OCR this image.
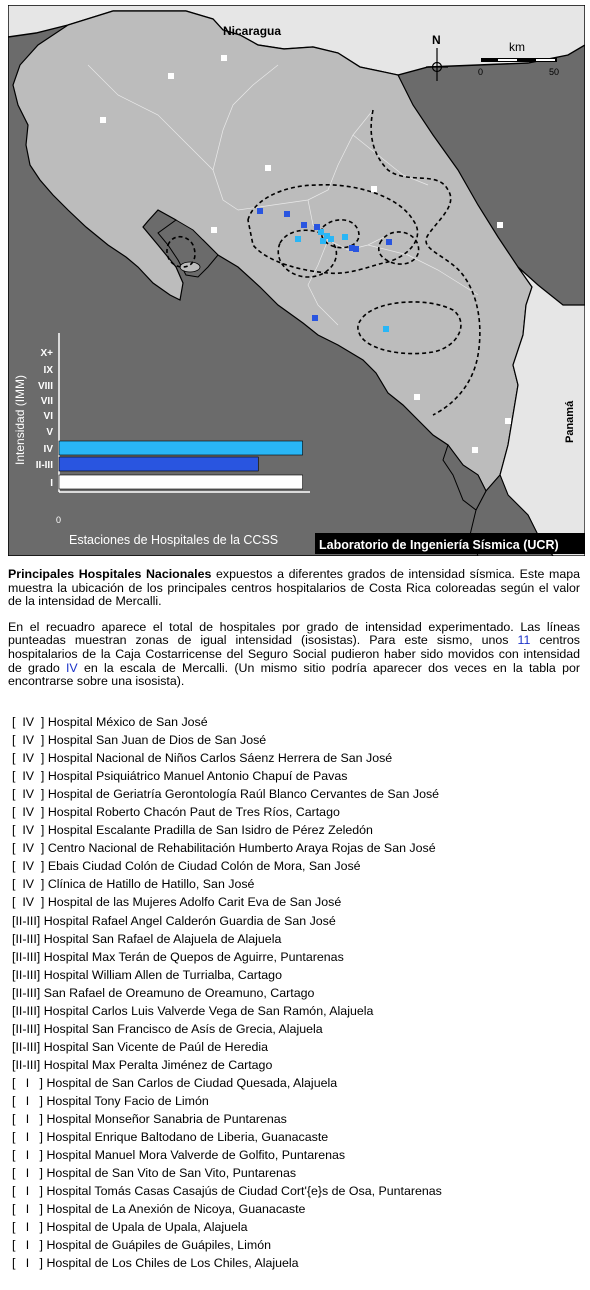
Nicaragua
Panamá
N	km
0	50
0
Intensidad (IMM)
Estaciones de Hospitales de la CCSS
X+
IX
VIII
VII
VI
V
IV
II-III
I
Laboratorio de Ingeniería Sísmica (UCR)

Principales Hospitales Nacionales expuestos a diferentes grados de intensidad sísmica. Este mapa muestra la ubicación de los principales centros hospitalarios de Costa Rica coloreadas según el valor de la intensidad de Mercalli.

En el recuadro aparece el total de hospitales por grado de intensidad experimentado. Las líneas punteadas muestran zonas de igual intensidad (isosistas). Para este sismo, unos 11 centros hospitalarios de la Caja Costarricense del Seguro Social pudieron haber sido movidos con intensidad de grado IV en la escala de Mercalli. (Un mismo sitio podría aparecer dos veces en la tabla por encontrarse sobre una isosista).

[  IV  ] Hospital México de San José
[  IV  ] Hospital San Juan de Dios de San José
[  IV  ] Hospital Nacional de Niños Carlos Sáenz Herrera de San José
[  IV  ] Hospital Psiquiátrico Manuel Antonio Chapuí de Pavas
[  IV  ] Hospital de Geriatría Gerontología Raúl Blanco Cervantes de San José
[  IV  ] Hospital Roberto Chacón Paut de Tres Ríos, Cartago
[  IV  ] Hospital Escalante Pradilla de San Isidro de Pérez Zeledón
[  IV  ] Centro Nacional de Rehabilitación Humberto Araya Rojas de San José
[  IV  ] Ebais Ciudad Colón de Ciudad Colón de Mora, San José
[  IV  ] Clínica de Hatillo de Hatillo, San José
[  IV  ] Hospital de las Mujeres Adolfo Carit Eva de San José
[II-III] Hospital Rafael Angel Calderón Guardia de San José
[II-III] Hospital San Rafael de Alajuela de Alajuela
[II-III] Hospital Max Terán de Quepos de Aguirre, Puntarenas
[II-III] Hospital William Allen de Turrialba, Cartago
[II-III] San Rafael de Oreamuno de Oreamuno, Cartago
[II-III] Hospital Carlos Luis Valverde Vega de San Ramón, Alajuela
[II-III] Hospital San Francisco de Asís de Grecia, Alajuela
[II-III] Hospital San Vicente de Paúl de Heredia
[II-III] Hospital Max Peralta Jiménez de Cartago
[   I   ] Hospital de San Carlos de Ciudad Quesada, Alajuela
[   I   ] Hospital Tony Facio de Limón
[   I   ] Hospital Monseñor Sanabria de Puntarenas
[   I   ] Hospital Enrique Baltodano de Liberia, Guanacaste
[   I   ] Hospital Manuel Mora Valverde de Golfito, Puntarenas
[   I   ] Hospital de San Vito de San Vito, Puntarenas
[   I   ] Hospital Tomás Casas Casajús de Ciudad Cort'{e}s de Osa, Puntarenas
[   I   ] Hospital de La Anexión de Nicoya, Guanacaste
[   I   ] Hospital de Upala de Upala, Alajuela
[   I   ] Hospital de Guápiles de Guápiles, Limón
[   I   ] Hospital de Los Chiles de Los Chiles, Alajuela
